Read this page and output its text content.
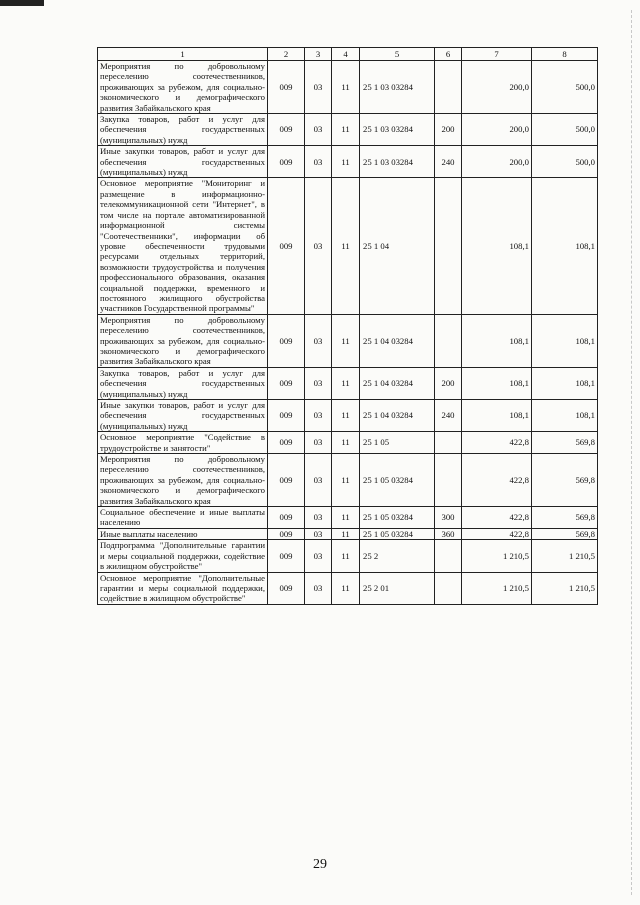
1	2	3	4	5	6	7	8
Мероприятия по добровольному переселению соотечественников, проживающих за рубежом, для социально-экономического и демографического развития Забайкальского края	009	03	11	25 1 03 03284		200,0	500,0
Закупка товаров, работ и услуг для обеспечения государственных (муниципальных) нужд	009	03	11	25 1 03 03284	200	200,0	500,0
Иные закупки товаров, работ и услуг для обеспечения государственных (муниципальных) нужд	009	03	11	25 1 03 03284	240	200,0	500,0
Основное мероприятие "Мониторинг и размещение в информационно-телекоммуникационной сети "Интернет", в том числе на портале автоматизированной информационной системы "Соотечественники", информации об уровне обеспеченности трудовыми ресурсами отдельных территорий, возможности трудоустройства и получения профессионального образования, оказания социальной поддержки, временного и постоянного жилищного обустройства участников Государственной программы"	009	03	11	25 1 04		108,1	108,1
Мероприятия по добровольному переселению соотечественников, проживающих за рубежом, для социально-экономического и демографического развития Забайкальского края	009	03	11	25 1 04 03284		108,1	108,1
Закупка товаров, работ и услуг для обеспечения государственных (муниципальных) нужд	009	03	11	25 1 04 03284	200	108,1	108,1
Иные закупки товаров, работ и услуг для обеспечения государственных (муниципальных) нужд	009	03	11	25 1 04 03284	240	108,1	108,1
Основное мероприятие "Содействие в трудоустройстве и занятости"	009	03	11	25 1 05		422,8	569,8
Мероприятия по добровольному переселению соотечественников, проживающих за рубежом, для социально-экономического и демографического развития Забайкальского края	009	03	11	25 1 05 03284		422,8	569,8
Социальное обеспечение и иные выплаты населению	009	03	11	25 1 05 03284	300	422,8	569,8
Иные выплаты населению	009	03	11	25 1 05 03284	360	422,8	569,8
Подпрограмма "Дополнительные гарантии и меры социальной поддержки, содействие в жилищном обустройстве"	009	03	11	25 2		1 210,5	1 210,5
Основное мероприятие "Дополнительные гарантии и меры социальной поддержки, содействие в жилищном обустройстве"	009	03	11	25 2 01		1 210,5	1 210,5
29
